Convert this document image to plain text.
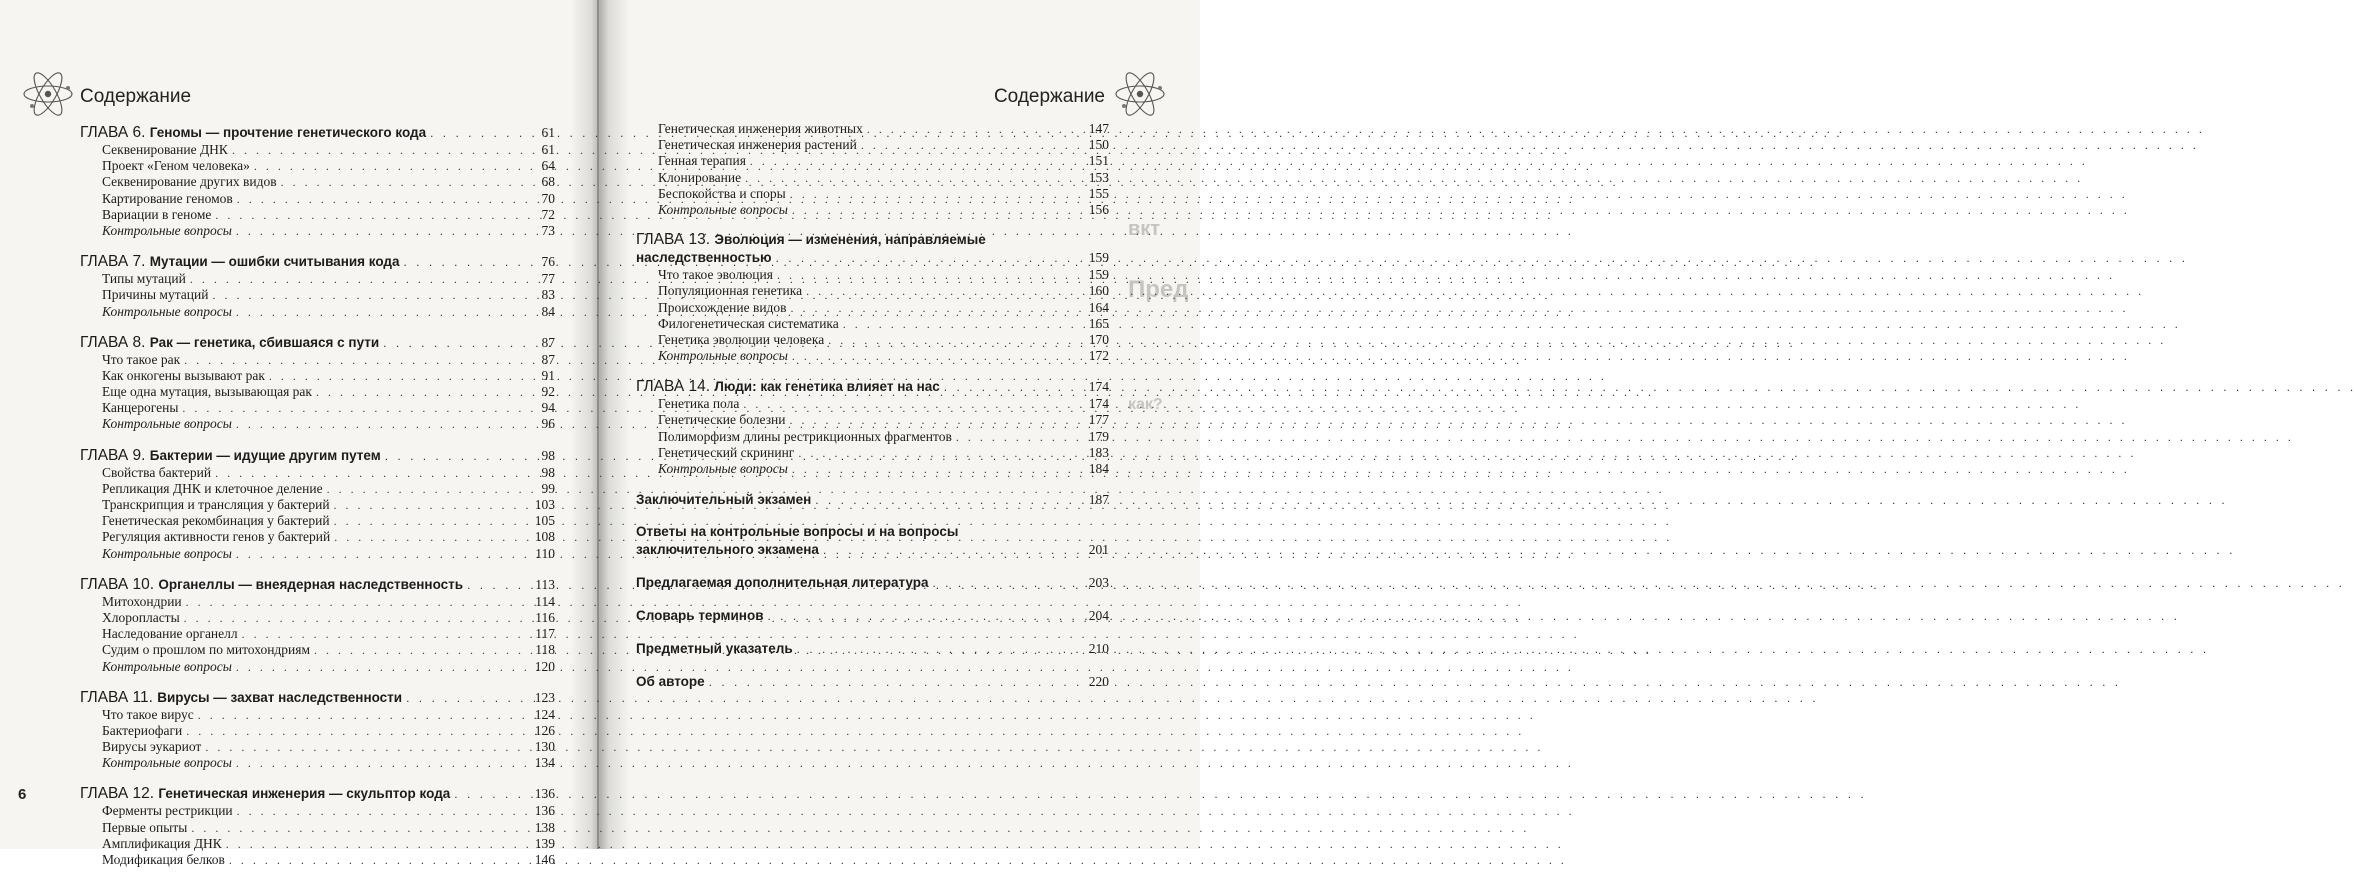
Содержание	Содержание
вкт
Пред
как?
ГЛАВА 6. Геномы — прочтение генетического кода . . .	61
Секвенирование ДНК . . .	61
Проект «Геном человека» . . .	64
Секвенирование других видов . . .	68
Картирование геномов . . .	70
Вариации в геноме . . .	72
Контрольные вопросы . . .	73
ГЛАВА 7. Мутации — ошибки считывания кода . . .	76
Типы мутаций . . .	77
Причины мутаций . . .	83
Контрольные вопросы . . .	84
ГЛАВА 8. Рак — генетика, сбившаяся с пути . . .	87
Что такое рак . . .	87
Как онкогены вызывают рак . . .	91
Еще одна мутация, вызывающая рак . . .	92
Канцерогены . . .	94
Контрольные вопросы . . .	96
ГЛАВА 9. Бактерии — идущие другим путем . . .	98
Свойства бактерий . . .	98
Репликация ДНК и клеточное деление . . .	99
Транскрипция и трансляция у бактерий . . .	103
Генетическая рекомбинация у бактерий . . .	105
Регуляция активности генов у бактерий . . .	108
Контрольные вопросы . . .	110
ГЛАВА 10. Органеллы — внеядерная наследственность . . .	113
Митохондрии . . .	114
Хлоропласты . . .	116
Наследование органелл . . .	117
Судим о прошлом по митохондриям . . .	118
Контрольные вопросы . . .	120
ГЛАВА 11. Вирусы — захват наследственности . . .	123
Что такое вирус . . .	124
Бактериофаги . . .	126
Вирусы эукариот . . .	130
Контрольные вопросы . . .	134
ГЛАВА 12. Генетическая инженерия — скульптор кода . . .	136
Ферменты рестрикции . . .	136
Первые опыты . . .	138
Амплификация ДНК . . .	139
Модификация белков . . .	146
6
Генетическая инженерия животных . . .	147
Генетическая инженерия растений . . .	150
Генная терапия . . .	151
Клонирование . . .	153
Беспокойства и споры . . .	155
Контрольные вопросы . . .	156
ГЛАВА 13. Эволюция — изменения, направляемые
наследственностью . . .	159
Что такое эволюция . . .	159
Популяционная генетика . . .	160
Происхождение видов . . .	164
Филогенетическая систематика . . .	165
Генетика эволюции человека . . .	170
Контрольные вопросы . . .	172
ГЛАВА 14. Люди: как генетика влияет на нас . . .	174
Генетика пола . . .	174
Генетические болезни . . .	177
Полиморфизм длины рестрикционных фрагментов . . .	179
Генетический скрининг . . .	183
Контрольные вопросы . . .	184
Заключительный экзамен . . .	187
Ответы на контрольные вопросы и на вопросы
заключительного экзамена . . .	201
Предлагаемая дополнительная литература . . .	203
Словарь терминов . . .	204
Предметный указатель . . .	210
Об авторе . . .	220
